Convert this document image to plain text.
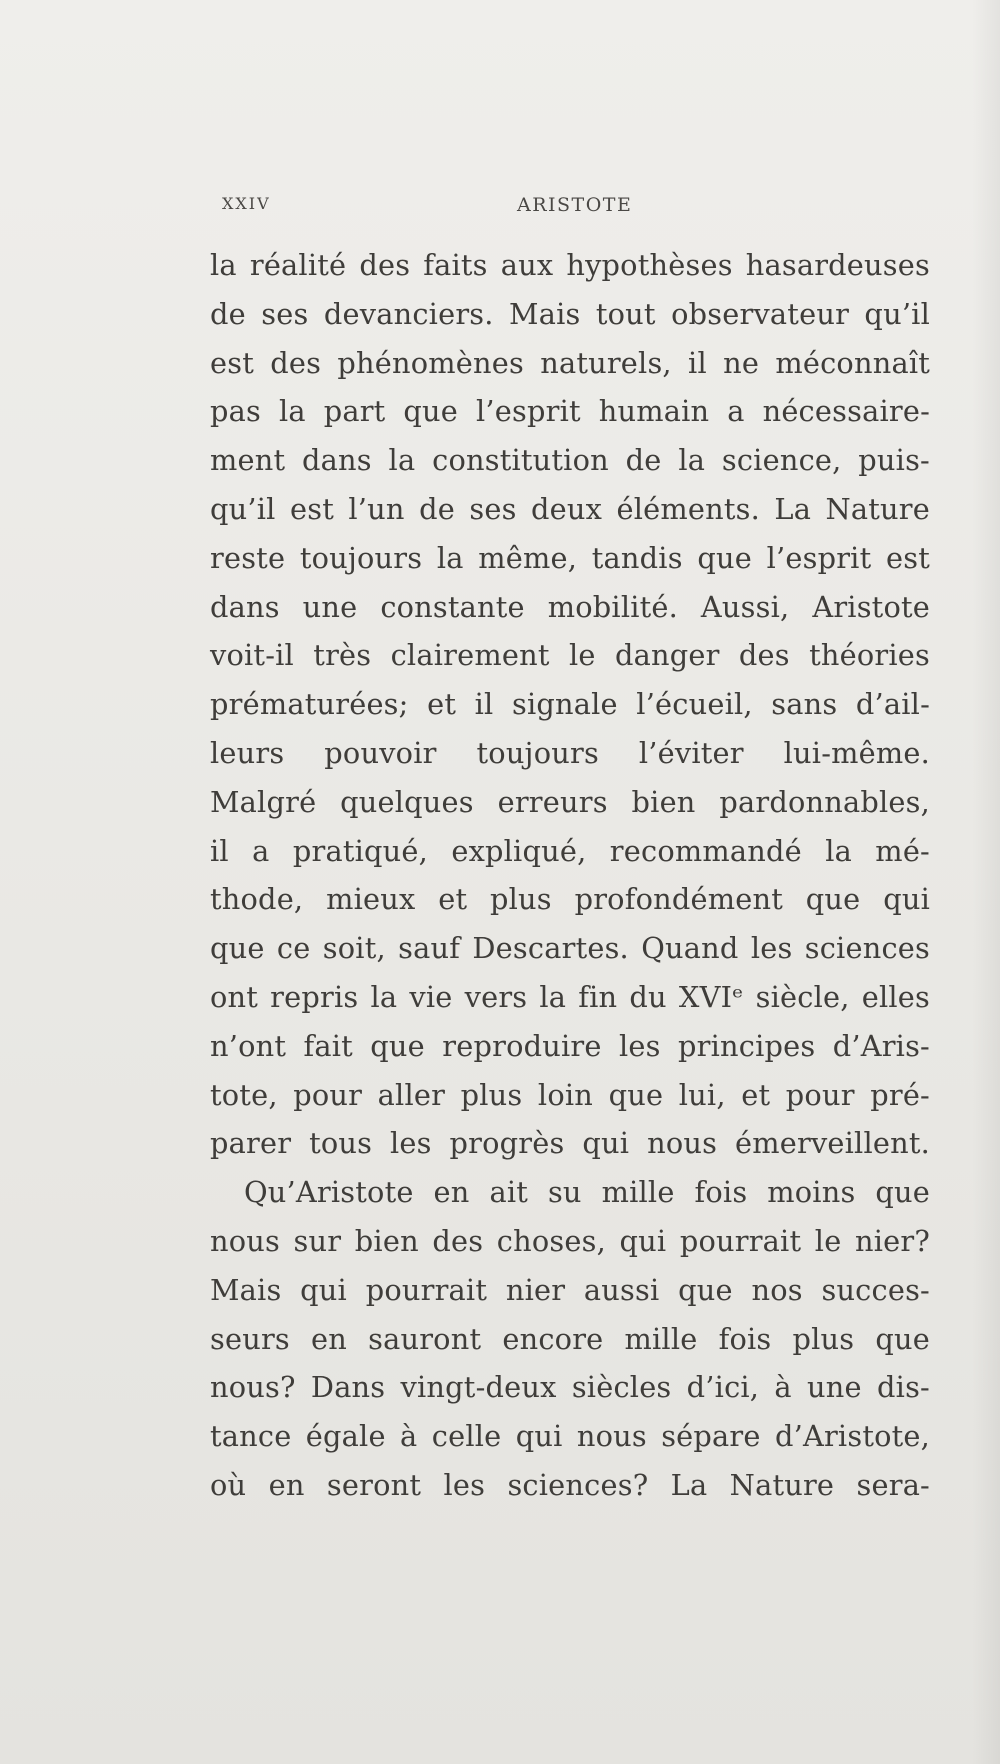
XXIV	ARISTOTE
la réalité des faits aux hypothèses hasardeuses
de ses devanciers. Mais tout observateur qu’il
est des phénomènes naturels, il ne méconnaît
pas la part que l’esprit humain a nécessaire-
ment dans la constitution de la science, puis-
qu’il est l’un de ses deux éléments. La Nature
reste toujours la même, tandis que l’esprit est
dans une constante mobilité. Aussi, Aristote
voit-il très clairement le danger des théories
prématurées; et il signale l’écueil, sans d’ail-
leurs pouvoir toujours l’éviter lui-même.
Malgré quelques erreurs bien pardonnables,
il a pratiqué, expliqué, recommandé la mé-
thode, mieux et plus profondément que qui
que ce soit, sauf Descartes. Quand les sciences
ont repris la vie vers la fin du XVIᵉ siècle, elles
n’ont fait que reproduire les principes d’Aris-
tote, pour aller plus loin que lui, et pour pré-
parer tous les progrès qui nous émerveillent.
Qu’Aristote en ait su mille fois moins que
nous sur bien des choses, qui pourrait le nier?
Mais qui pourrait nier aussi que nos succes-
seurs en sauront encore mille fois plus que
nous? Dans vingt-deux siècles d’ici, à une dis-
tance égale à celle qui nous sépare d’Aristote,
où en seront les sciences? La Nature sera-
